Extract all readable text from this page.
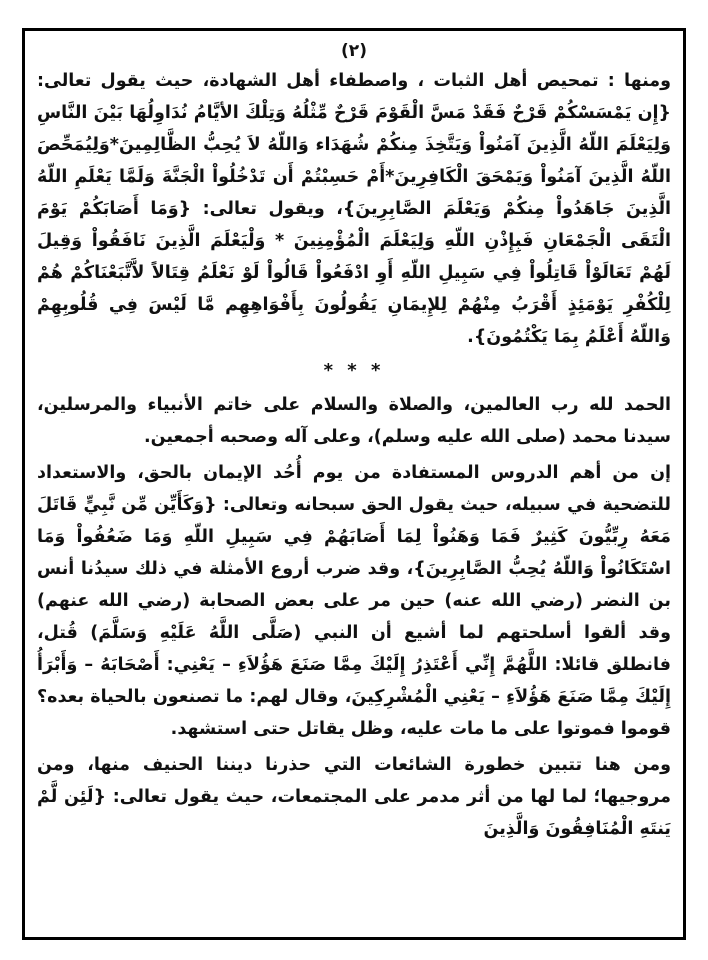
(٢)

ومنها : تمحيص أهل الثبات ، واصطفاء أهل الشهادة، حيث يقول تعالى: {إِن يَمْسَسْكُمْ قَرْحٌ فَقَدْ مَسَّ الْقَوْمَ قَرْحٌ مِّثْلُهُ وَتِلْكَ الأيَّامُ نُدَاوِلُهَا بَيْنَ النَّاسِ وَلِيَعْلَمَ اللّهُ الَّذِينَ آمَنُواْ وَيَتَّخِذَ مِنكُمْ شُهَدَاء وَاللّهُ لاَ يُحِبُّ الظَّالِمِينَ*وَلِيُمَحِّصَ اللّهُ الَّذِينَ آمَنُواْ وَيَمْحَقَ الْكَافِرِينَ*أَمْ حَسِبْتُمْ أَن تَدْخُلُواْ الْجَنَّةَ وَلَمَّا يَعْلَمِ اللّهُ الَّذِينَ جَاهَدُواْ مِنكُمْ وَيَعْلَمَ الصَّابِرِينَ}، ويقول تعالى: {وَمَا أَصَابَكُمْ يَوْمَ الْتَقَى الْجَمْعَانِ فَبِإِذْنِ اللّهِ وَلِيَعْلَمَ الْمُؤْمِنِينَ * وَلْيَعْلَمَ الَّذِينَ نَافَقُواْ وَقِيلَ لَهُمْ تَعَالَوْاْ قَاتِلُواْ فِي سَبِيلِ اللّهِ أَوِ ادْفَعُواْ قَالُواْ لَوْ نَعْلَمُ قِتَالاً لاَّتَّبَعْنَاكُمْ هُمْ لِلْكُفْرِ يَوْمَئِذٍ أَقْرَبُ مِنْهُمْ لِلإِيمَانِ يَقُولُونَ بِأَفْوَاهِهِم مَّا لَيْسَ فِي قُلُوبِهِمْ وَاللّهُ أَعْلَمُ بِمَا يَكْتُمُونَ}.

* * *

الحمد لله رب العالمين، والصلاة والسلام على خاتم الأنبياء والمرسلين، سيدنا محمد (صلى الله عليه وسلم)، وعلى آله وصحبه أجمعين.

إن من أهم الدروس المستفادة من يوم أُحُد الإيمان بالحق، والاستعداد للتضحية في سبيله، حيث يقول الحق سبحانه وتعالى: {وَكَأَيِّن مِّن نَّبِيٍّ قَاتَلَ مَعَهُ رِبِّيُّونَ كَثِيرٌ فَمَا وَهَنُواْ لِمَا أَصَابَهُمْ فِي سَبِيلِ اللّهِ وَمَا ضَعُفُواْ وَمَا اسْتَكَانُواْ وَاللّهُ يُحِبُّ الصَّابِرِينَ}، وقد ضرب أروع الأمثلة في ذلك سيدُنا أنس بن النضر (رضي الله عنه) حين مر على بعض الصحابة (رضي الله عنهم) وقد ألقوا أسلحتهم لما أشيع أن النبي (صَلَّى اللَّهُ عَلَيْهِ وَسَلَّمَ) قُتل، فانطلق قائلا: اللَّهُمَّ إِنِّي أَعْتَذِرُ إِلَيْكَ مِمَّا صَنَعَ هَؤُلاَءِ – يَعْنِي: أَصْحَابَهُ – وَأَبْرَأُ إِلَيْكَ مِمَّا صَنَعَ هَؤُلاَءِ – يَعْنِي الْمُشْرِكِينَ، وقال لهم: ما تصنعون بالحياة بعده؟ قوموا فموتوا على ما مات عليه، وظل يقاتل حتى استشهد.

ومن هنا تتبين خطورة الشائعات التي حذرنا ديننا الحنيف منها، ومن مروجيها؛ لما لها من أثر مدمر على المجتمعات، حيث يقول تعالى: {لَئِن لَّمْ يَنتَهِ الْمُنَافِقُونَ وَالَّذِينَ
